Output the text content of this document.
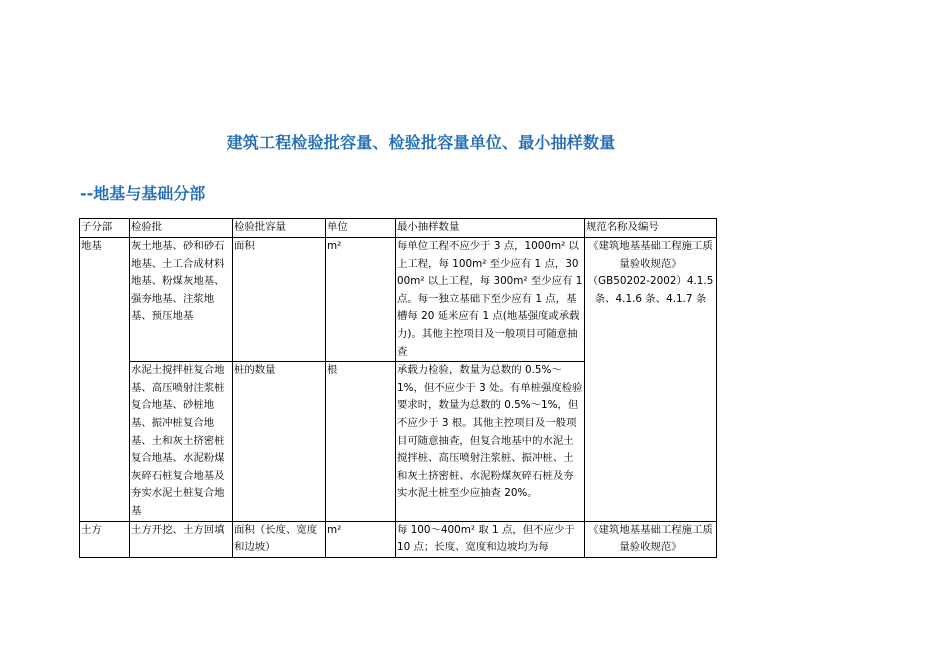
建筑工程检验批容量、检验批容量单位、最小抽样数量
--地基与基础分部
子分部	检验批	检验批容量	单位	最小抽样数量	规范名称及编号
地基	灰土地基、砂和砂石地基、土工合成材料地基、粉煤灰地基、强夯地基、注浆地基、预压地基	面积	m²	每单位工程不应少于 3 点，1000m² 以上工程，每 100m² 至少应有 1 点，3000m² 以上工程，每 300m² 至少应有 1 点。每一独立基础下至少应有 1 点，基槽每 20 延米应有 1 点(地基强度或承载力)。其他主控项目及一般项目可随意抽查	《建筑地基基础工程施工质量验收规范》
（GB50202-2002）4.1.5 条、4.1.6 条、4.1.7 条

	水泥土搅拌桩复合地基、高压喷射注浆桩复合地基、砂桩地基、振冲桩复合地基、土和灰土挤密桩复合地基、水泥粉煤灰碎石桩复合地基及夯实水泥土桩复合地基	桩的数量	根	承载力检验，数量为总数的 0.5%～1%，但不应少于 3 处。有单桩强度检验要求时，数量为总数的 0.5%～1%，但不应少于 3 根。其他主控项目及一般项目可随意抽查，但复合地基中的水泥土搅拌桩、高压喷射注浆桩、振冲桩、土和灰土挤密桩、水泥粉煤灰碎石桩及夯实水泥土桩至少应抽查 20%。	
土方	土方开挖、土方回填	面积（长度、宽度和边坡）	m²	每 100～400m² 取 1 点，但不应少于 10 点；长度、宽度和边坡均为每	《建筑地基基础工程施工质量验收规范》
